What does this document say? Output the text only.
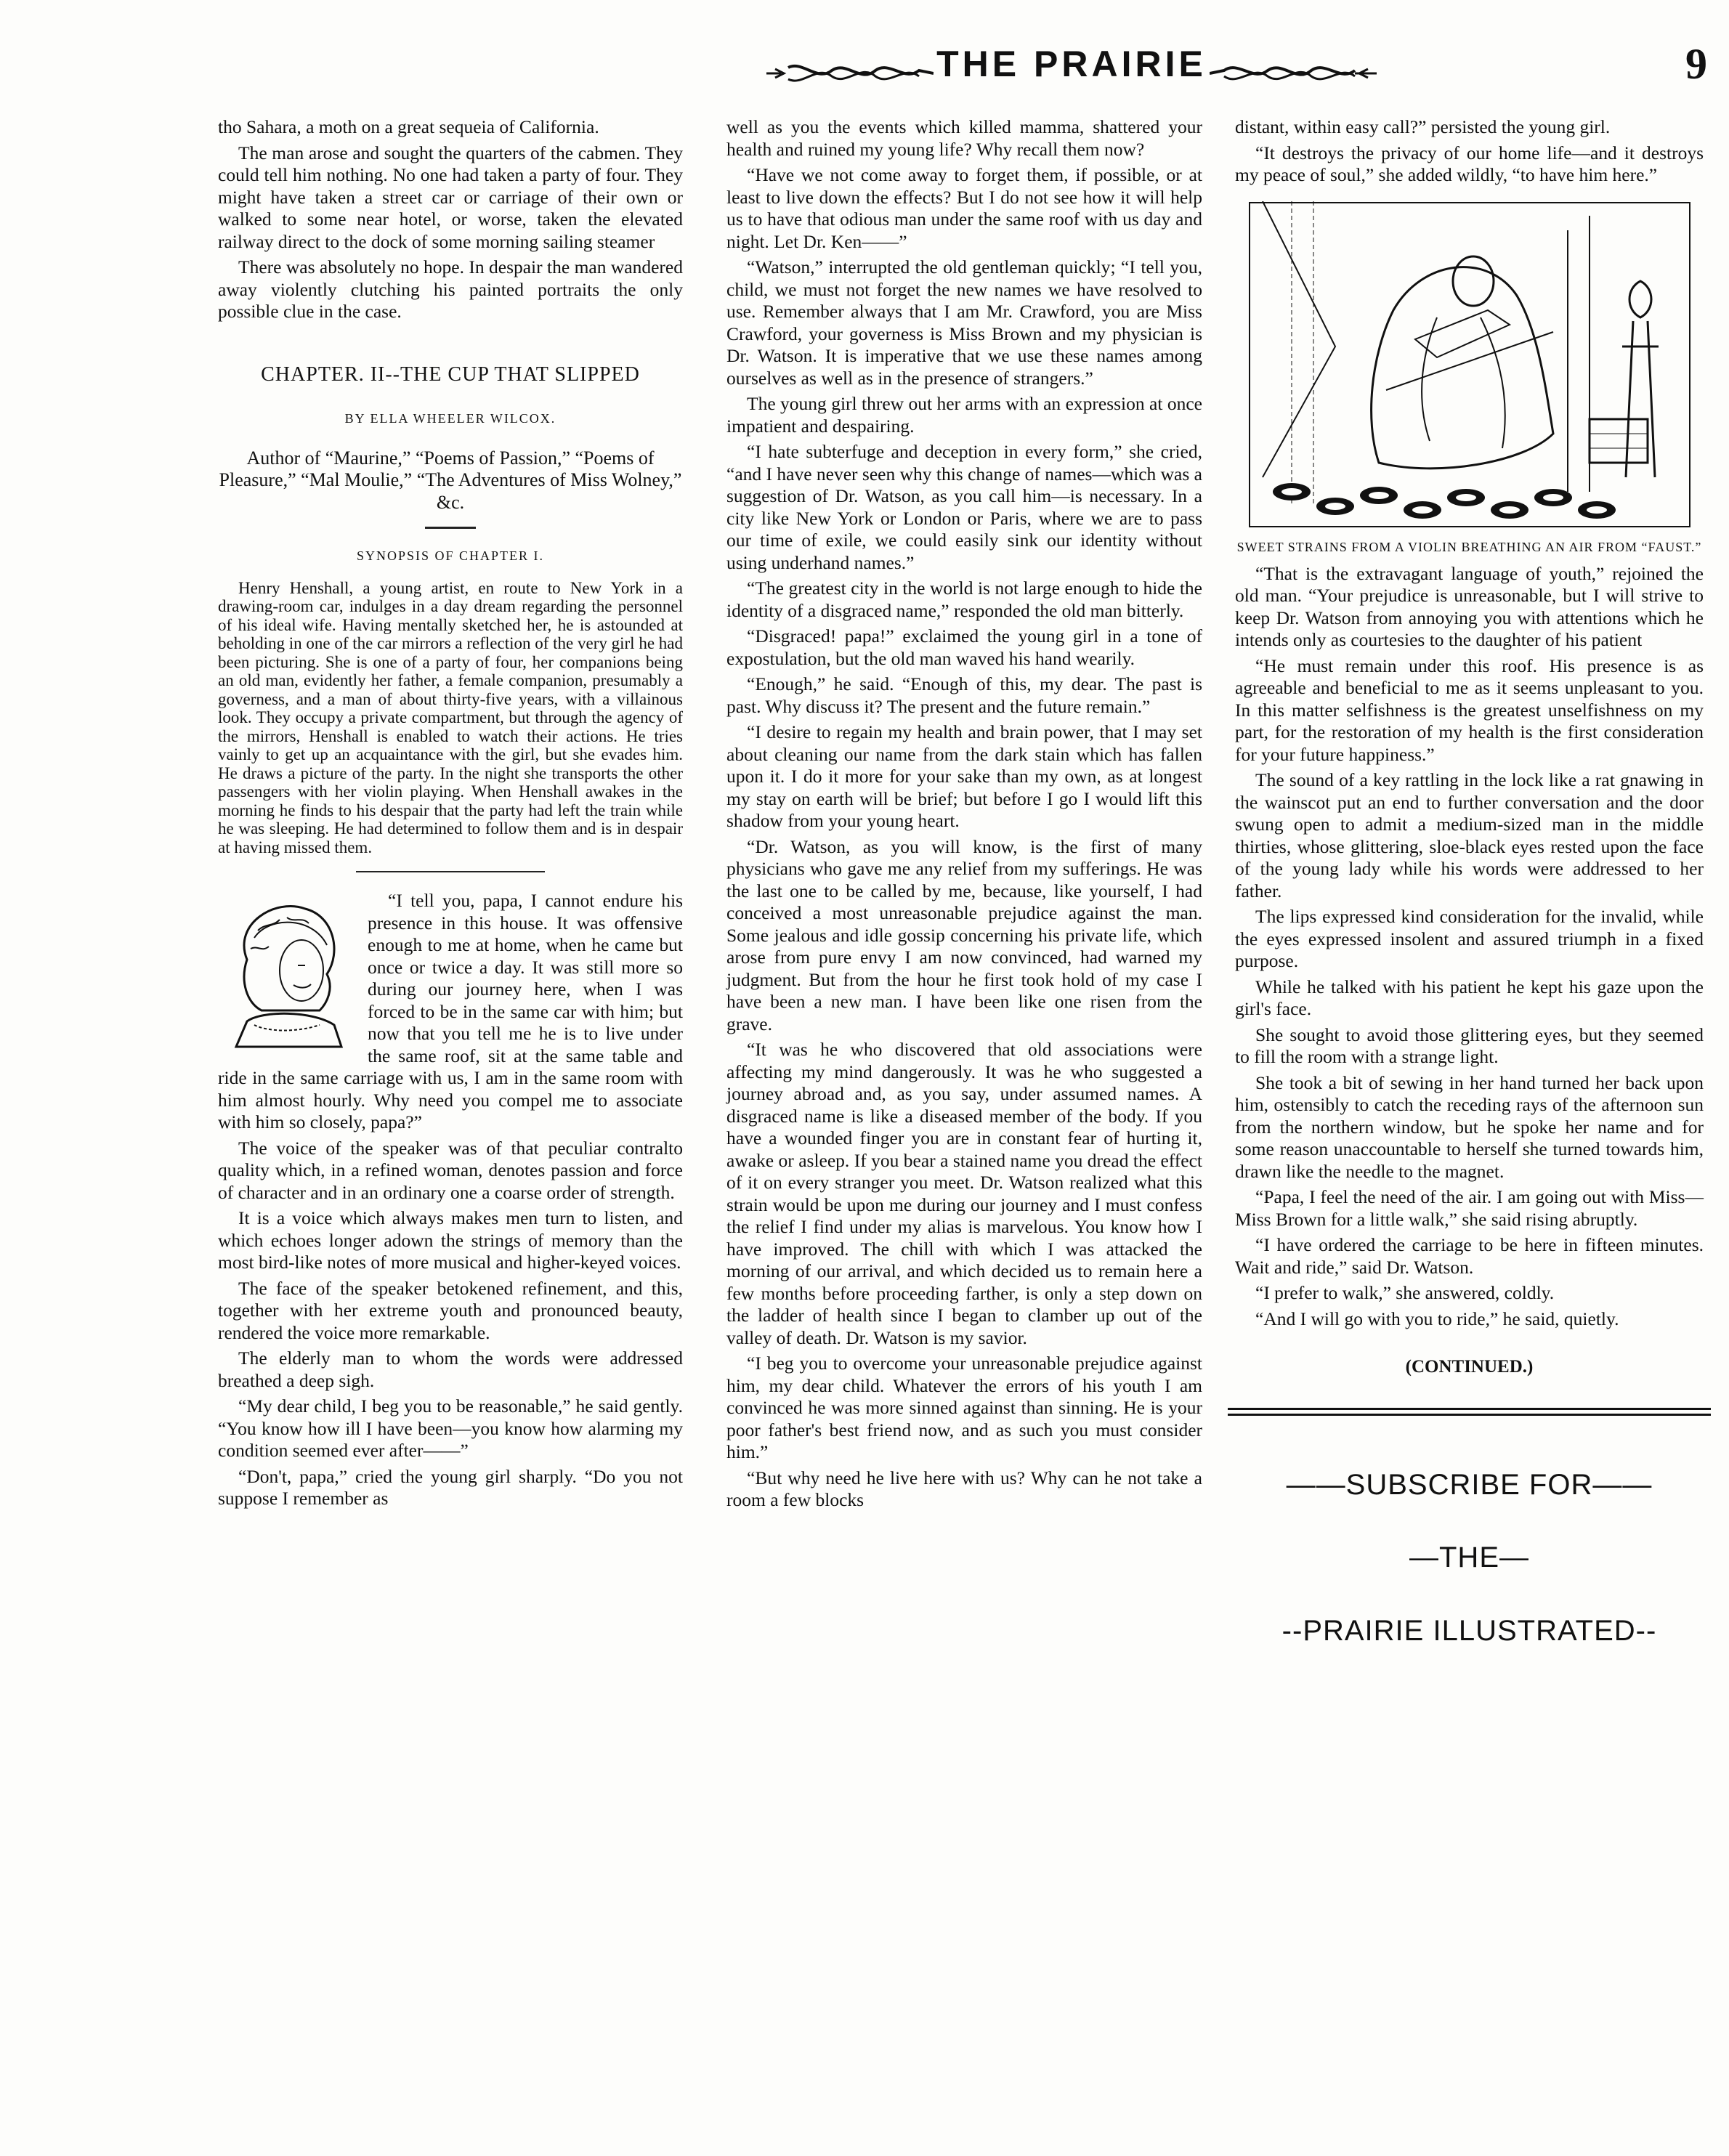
THE PRAIRIE	9

tho Sahara, a moth on a great sequeia of California.

The man arose and sought the quarters of the cabmen. They could tell him nothing. No one had taken a party of four. They might have taken a street car or carriage of their own or walked to some near hotel, or worse, taken the elevated railway direct to the dock of some morning sailing steamer

There was absolutely no hope. In despair the man wandered away violently clutching his painted portraits the only possible clue in the case.

CHAPTER. II--THE CUP THAT SLIPPED
BY ELLA WHEELER WILCOX.
Author of “Maurine,” “Poems of Passion,” “Poems of Pleasure,” “Mal Moulie,” “The Adventures of Miss Wolney,” &c.
SYNOPSIS OF CHAPTER I.

Henry Henshall, a young artist, en route to New York in a drawing-room car, indulges in a day dream regarding the personnel of his ideal wife. Having mentally sketched her, he is astounded at beholding in one of the car mirrors a reflection of the very girl he had been picturing. She is one of a party of four, her companions being an old man, evidently her father, a female companion, presumably a governess, and a man of about thirty-five years, with a villainous look. They occupy a private compartment, but through the agency of the mirrors, Henshall is enabled to watch their actions. He tries vainly to get up an acquaintance with the girl, but she evades him. He draws a picture of the party. In the night she transports the other passengers with her violin playing. When Henshall awakes in the morning he finds to his despair that the party had left the train while he was sleeping. He had determined to follow them and is in despair at having missed them.

“I tell you, papa, I cannot endure his presence in this house. It was offensive enough to me at home, when he came but once or twice a day. It was still more so during our journey here, when I was forced to be in the same car with him; but now that you tell me he is to live under the same roof, sit at the same table and ride in the same carriage with us, I am in the same room with him almost hourly. Why need you compel me to associate with him so closely, papa?”

The voice of the speaker was of that peculiar contralto quality which, in a refined woman, denotes passion and force of character and in an ordinary one a coarse order of strength.

It is a voice which always makes men turn to listen, and which echoes longer adown the strings of memory than the most bird-like notes of more musical and higher-keyed voices.

The face of the speaker betokened refinement, and this, together with her extreme youth and pronounced beauty, rendered the voice more remarkable.

The elderly man to whom the words were addressed breathed a deep sigh.

“My dear child, I beg you to be reasonable,” he said gently. “You know how ill I have been—you know how alarming my condition seemed ever after——”

“Don't, papa,” cried the young girl sharply. “Do you not suppose I remember as

well as you the events which killed mamma, shattered your health and ruined my young life? Why recall them now?

“Have we not come away to forget them, if possible, or at least to live down the effects? But I do not see how it will help us to have that odious man under the same roof with us day and night. Let Dr. Ken——”

“Watson,” interrupted the old gentleman quickly; “I tell you, child, we must not forget the new names we have resolved to use. Remember always that I am Mr. Crawford, you are Miss Crawford, your governess is Miss Brown and my physician is Dr. Watson. It is imperative that we use these names among ourselves as well as in the presence of strangers.”

The young girl threw out her arms with an expression at once impatient and despairing.

“I hate subterfuge and deception in every form,” she cried, “and I have never seen why this change of names—which was a suggestion of Dr. Watson, as you call him—is necessary. In a city like New York or London or Paris, where we are to pass our time of exile, we could easily sink our identity without using underhand names.”

“The greatest city in the world is not large enough to hide the identity of a disgraced name,” responded the old man bitterly.

“Disgraced! papa!” exclaimed the young girl in a tone of expostulation, but the old man waved his hand wearily.

“Enough,” he said. “Enough of this, my dear. The past is past. Why discuss it? The present and the future remain.”

“I desire to regain my health and brain power, that I may set about cleaning our name from the dark stain which has fallen upon it. I do it more for your sake than my own, as at longest my stay on earth will be brief; but before I go I would lift this shadow from your young heart.

“Dr. Watson, as you will know, is the first of many physicians who gave me any relief from my sufferings. He was the last one to be called by me, because, like yourself, I had conceived a most unreasonable prejudice against the man. Some jealous and idle gossip concerning his private life, which arose from pure envy I am now convinced, had warned my judgment. But from the hour he first took hold of my case I have been a new man. I have been like one risen from the grave.

“It was he who discovered that old associations were affecting my mind dangerously. It was he who suggested a journey abroad and, as you say, under assumed names. A disgraced name is like a diseased member of the body. If you have a wounded finger you are in constant fear of hurting it, awake or asleep. If you bear a stained name you dread the effect of it on every stranger you meet. Dr. Watson realized what this strain would be upon me during our journey and I must confess the relief I find under my alias is marvelous. You know how I have improved. The chill with which I was attacked the morning of our arrival, and which decided us to remain here a few months before proceeding farther, is only a step down on the ladder of health since I began to clamber up out of the valley of death. Dr. Watson is my savior.

“I beg you to overcome your unreasonable prejudice against him, my dear child. Whatever the errors of his youth I am convinced he was more sinned against than sinning. He is your poor father's best friend now, and as such you must consider him.”

“But why need he live here with us? Why can he not take a room a few blocks

distant, within easy call?” persisted the young girl.

“It destroys the privacy of our home life—and it destroys my peace of soul,” she added wildly, “to have him here.”

SWEET STRAINS FROM A VIOLIN BREATHING AN AIR FROM “FAUST.”

“That is the extravagant language of youth,” rejoined the old man. “Your prejudice is unreasonable, but I will strive to keep Dr. Watson from annoying you with attentions which he intends only as courtesies to the daughter of his patient

“He must remain under this roof. His presence is as agreeable and beneficial to me as it seems unpleasant to you. In this matter selfishness is the greatest unselfishness on my part, for the restoration of my health is the first consideration for your future happiness.”

The sound of a key rattling in the lock like a rat gnawing in the wainscot put an end to further conversation and the door swung open to admit a medium-sized man in the middle thirties, whose glittering, sloe-black eyes rested upon the face of the young lady while his words were addressed to her father.

The lips expressed kind consideration for the invalid, while the eyes expressed insolent and assured triumph in a fixed purpose.

While he talked with his patient he kept his gaze upon the girl's face.

She sought to avoid those glittering eyes, but they seemed to fill the room with a strange light.

She took a bit of sewing in her hand turned her back upon him, ostensibly to catch the receding rays of the afternoon sun from the northern window, but he spoke her name and for some reason unaccountable to herself she turned towards him, drawn like the needle to the magnet.

“Papa, I feel the need of the air. I am going out with Miss—Miss Brown for a little walk,” she said rising abruptly.

“I have ordered the carriage to be here in fifteen minutes. Wait and ride,” said Dr. Watson.

“I prefer to walk,” she answered, coldly.

“And I will go with you to ride,” he said, quietly.

(CONTINUED.)
——SUBSCRIBE FOR——
—THE—
--PRAIRIE ILLUSTRATED--
